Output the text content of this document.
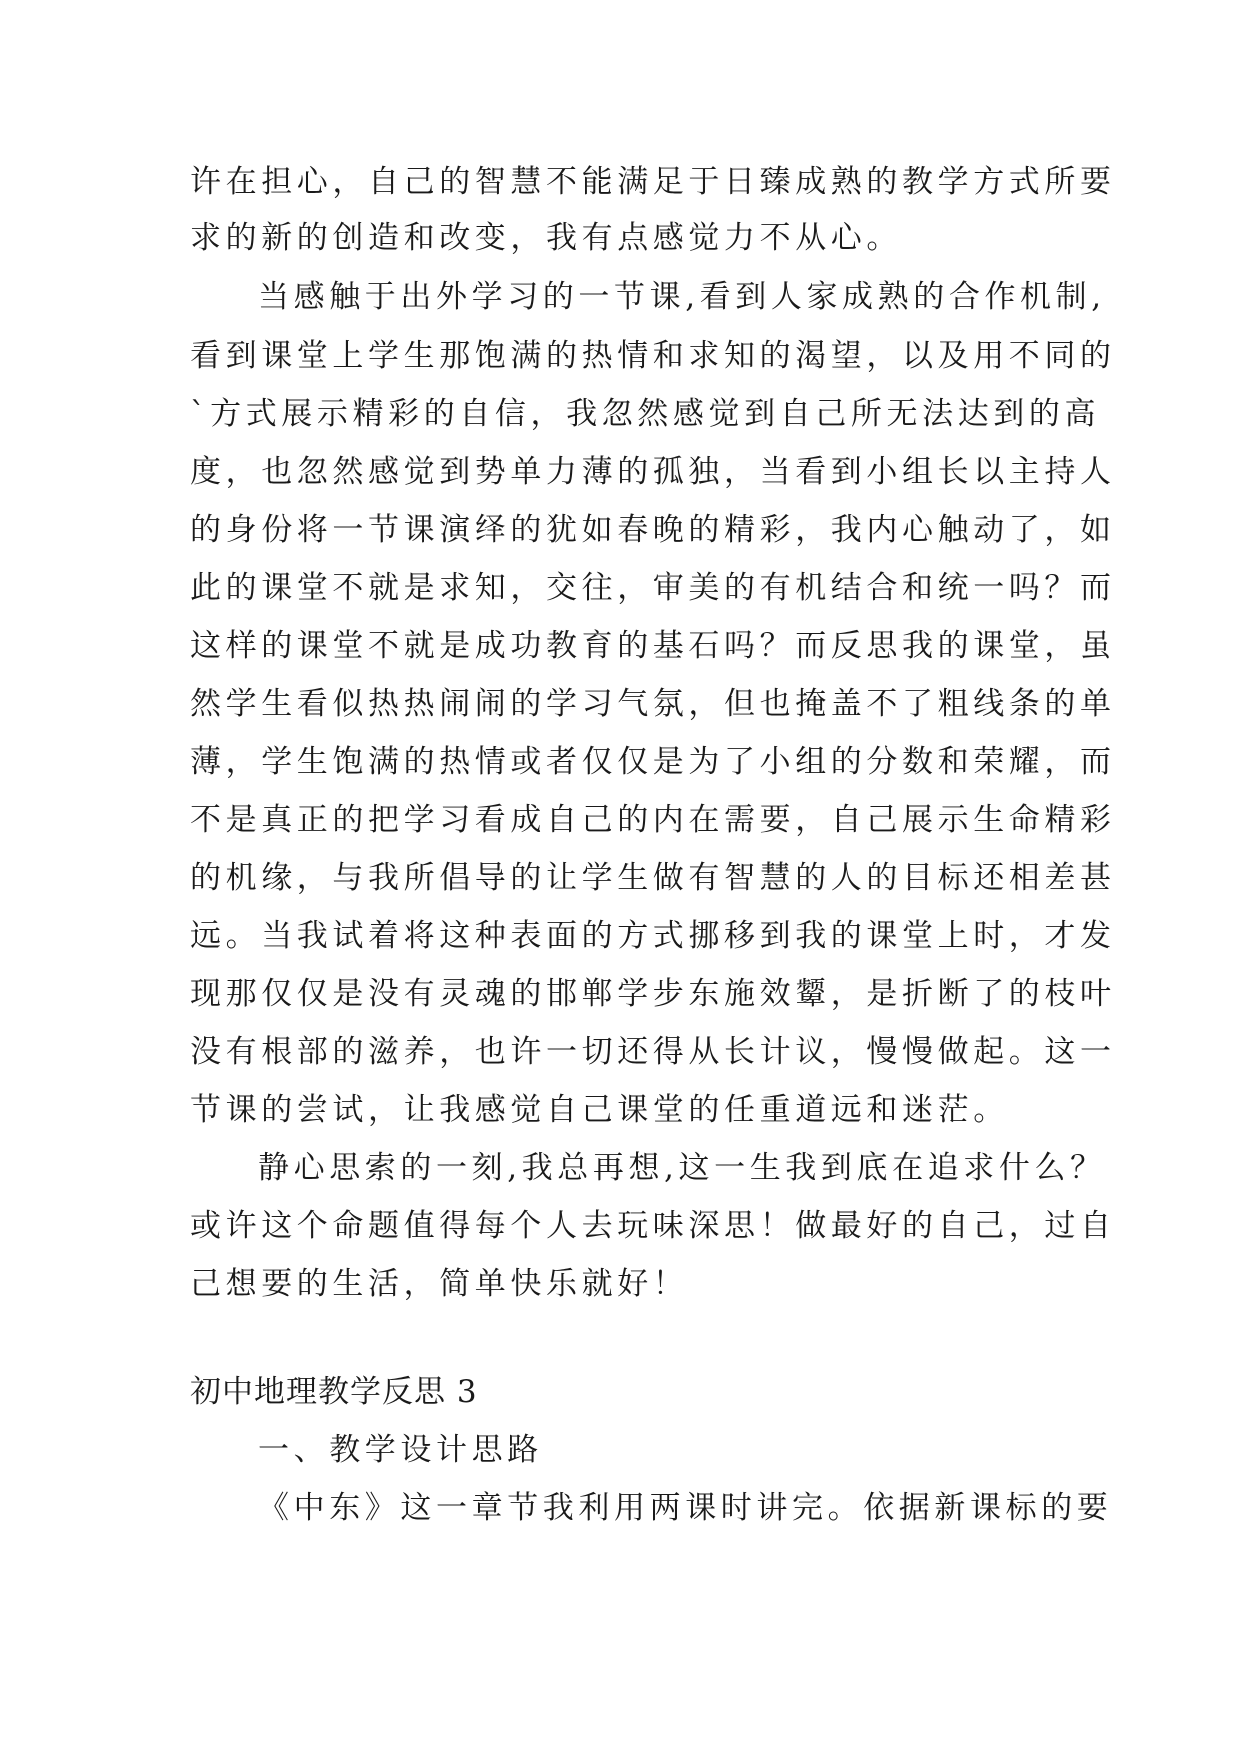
许在担心，自己的智慧不能满足于日臻成熟的教学方式所要
求的新的创造和改变，我有点感觉力不从心。
当感触于出外学习的一节课,看到人家成熟的合作机制,
看到课堂上学生那饱满的热情和求知的渴望，以及用不同的
`方式展示精彩的自信，我忽然感觉到自己所无法达到的高
度，也忽然感觉到势单力薄的孤独，当看到小组长以主持人
的身份将一节课演绎的犹如春晚的精彩，我内心触动了，如
此的课堂不就是求知，交往，审美的有机结合和统一吗？而
这样的课堂不就是成功教育的基石吗？而反思我的课堂，虽
然学生看似热热闹闹的学习气氛，但也掩盖不了粗线条的单
薄，学生饱满的热情或者仅仅是为了小组的分数和荣耀，而
不是真正的把学习看成自己的内在需要，自己展示生命精彩
的机缘，与我所倡导的让学生做有智慧的人的目标还相差甚
远。当我试着将这种表面的方式挪移到我的课堂上时，才发
现那仅仅是没有灵魂的邯郸学步东施效颦，是折断了的枝叶
没有根部的滋养，也许一切还得从长计议，慢慢做起。这一
节课的尝试，让我感觉自己课堂的任重道远和迷茫。
静心思索的一刻,我总再想,这一生我到底在追求什么？
或许这个命题值得每个人去玩味深思！做最好的自己，过自
己想要的生活，简单快乐就好！
初中地理教学反思 3
一、教学设计思路
《中东》这一章节我利用两课时讲完。依据新课标的要
